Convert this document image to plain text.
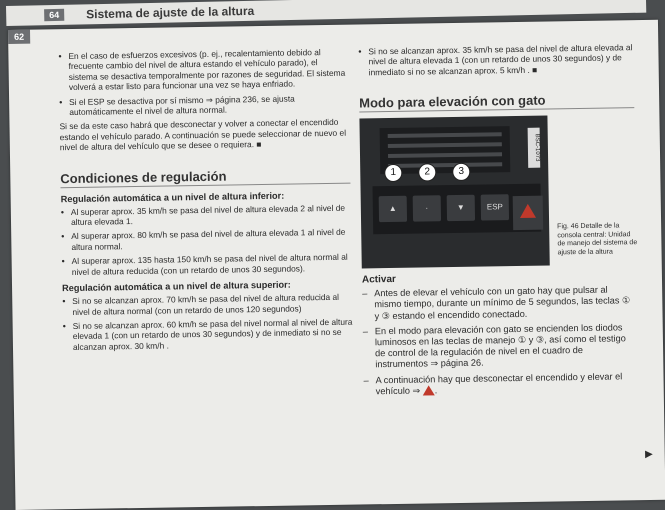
64	Sistema de ajuste de la altura
62
• En el caso de esfuerzos excesivos (p. ej., recalentamiento debido al frecuente cambio del nivel de altura estando el vehículo parado), el sistema se desactiva temporalmente por razones de seguridad. El sistema volverá a estar listo para funcionar una vez se haya enfriado.
• Si el ESP se desactiva por sí mismo ⇒ página 236, se ajusta automáticamente el nivel de altura normal.

Si se da este caso habrá que desconectar y volver a conectar el encendido estando el vehículo parado. A continuación se puede seleccionar de nuevo el nivel de altura del vehículo que se desee o requiera. ■

Condiciones de regulación
Regulación automática a un nivel de altura inferior:
• Al superar aprox. 35 km/h se pasa del nivel de altura elevada 2 al nivel de altura elevada 1.
• Al superar aprox. 80 km/h se pasa del nivel de altura elevada 1 al nivel de altura normal.
• Al superar aprox. 135 hasta 150 km/h se pasa del nivel de altura normal al nivel de altura reducida (con un retardo de unos 30 segundos).
Regulación automática a un nivel de altura superior:
• Si no se alcanzan aprox. 70 km/h se pasa del nivel de altura reducida al nivel de altura normal (con un retardo de unos 120 segundos)
• Si no se alcanzan aprox. 60 km/h se pasa del nivel normal al nivel de altura elevada 1 (con un retardo de unos 30 segundos) y de inmediato si no se alcanzan aprox. 30 km/h .
• Si no se alcanzan aprox. 35 km/h se pasa del nivel de altura elevada al nivel de altura elevada 1 (con un retardo de unos 30 segundos) y de inmediato si no se alcanzan aprox. 5 km/h . ■
Modo para elevación con gato
BSC-1073
▲	·	▼	ESP
1	2	3
Fig. 46 Detalle de la consola central: Unidad de manejo del sistema de ajuste de la altura
Activar
– Antes de elevar el vehículo con un gato hay que pulsar al mismo tiempo, durante un mínimo de 5 segundos, las teclas ① y ③ estando el encendido conectado.
– En el modo para elevación con gato se encienden los diodos luminosos en las teclas de manejo ① y ③, así como el testigo de control de la regulación de nivel en el cuadro de instrumentos ⇒ página 26.
– A continuación hay que desconectar el encendido y elevar el vehículo ⇒ .
▶
